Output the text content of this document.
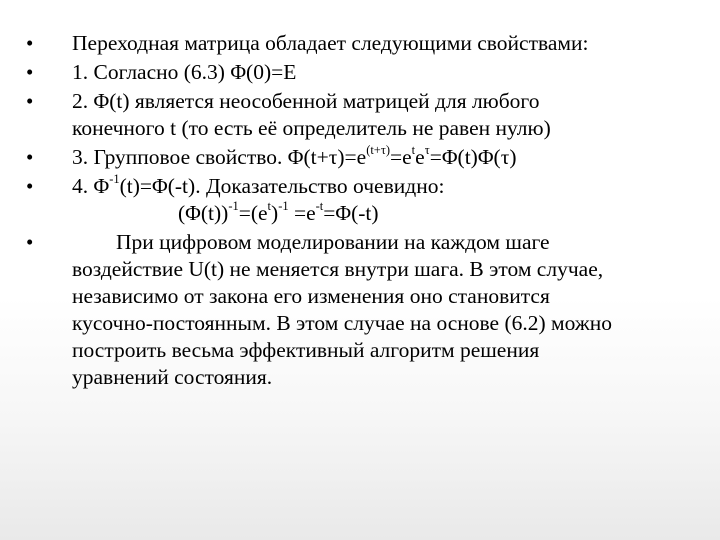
• Переходная матрица обладает следующими свойствами:
• 1. Согласно (6.3) Φ(0)=E
• 2. Φ(t) является неособенной матрицей для любого
конечного t (то есть её определитель не равен нулю)
• 3. Групповое свойство. $\Phi(t+\tau)=e^{(t+\tau)}=e^te^\tau=\Phi(t)\Phi(\tau)$
• 4. $\Phi^{-1}(t)=\Phi(-t)$. Доказательство очевидно:
$(\Phi(t))^{-1}=(e^t)^{-1} =e^{-t}=\Phi(-t)$
•	При цифровом моделировании на каждом шаге
воздействие U(t) не меняется внутри шага. В этом случае,
независимо от закона его изменения оно становится
кусочно-постоянным. В этом случае на основе (6.2) можно
построить весьма эффективный алгоритм решения
уравнений состояния.
